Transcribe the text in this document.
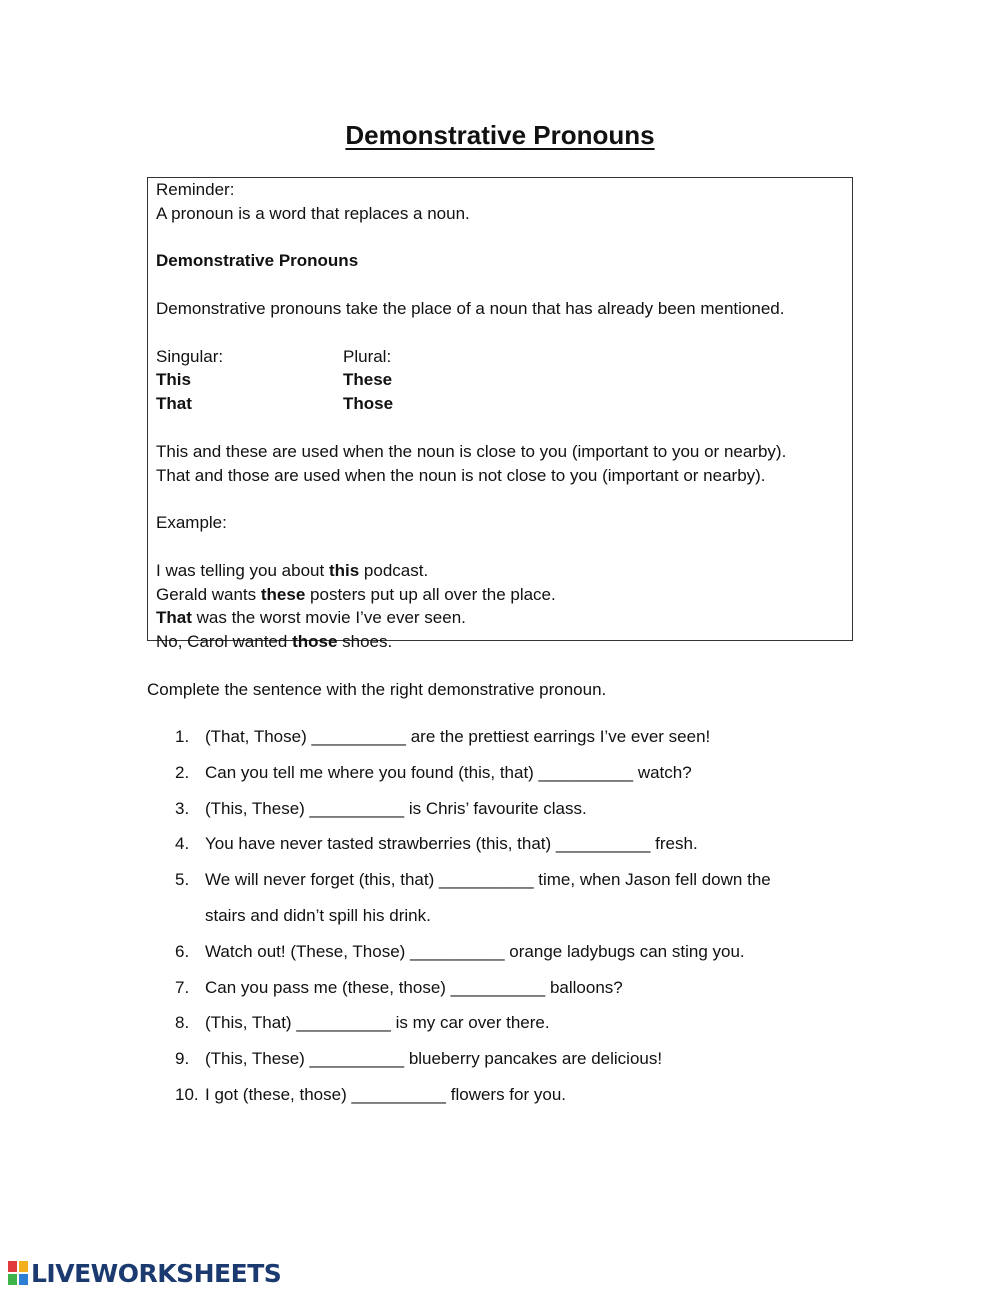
Demonstrative Pronouns

Reminder:

A pronoun is a word that replaces a noun.

Demonstrative Pronouns

Demonstrative pronouns take the place of a noun that has already been mentioned.

Singular:	Plural:
This	These
That	Those

This and these are used when the noun is close to you (important to you or nearby).

That and those are used when the noun is not close to you (important or nearby).

Example:

I was telling you about this podcast.

Gerald wants these posters put up all over the place.

That was the worst movie I’ve ever seen.

No, Carol wanted those shoes.

Complete the sentence with the right demonstrative pronoun.
1. (That, Those) __________ are the prettiest earrings I’ve ever seen!
2. Can you tell me where you found (this, that) __________ watch?
3. (This, These) __________ is Chris’ favourite class.
4. You have never tasted strawberries (this, that) __________ fresh.
5. We will never forget (this, that) __________ time, when Jason fell down the stairs and didn’t spill his drink.
6. Watch out! (These, Those) __________ orange ladybugs can sting you.
7. Can you pass me (these, those) __________ balloons?
8. (This, That) __________ is my car over there.
9. (This, These) __________ blueberry pancakes are delicious!
10. I got (these, those) __________ flowers for you.
LIVEWORKSHEETS
